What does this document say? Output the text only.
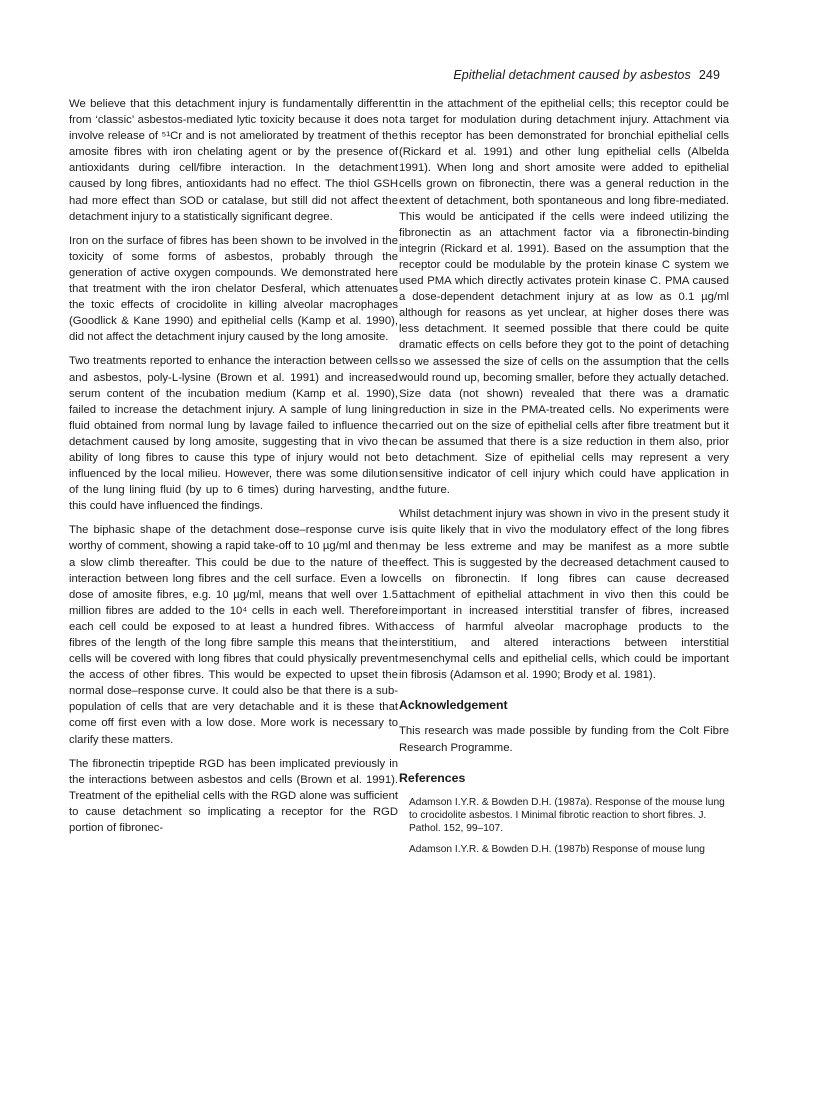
Epithelial detachment caused by asbestos 249

We believe that this detachment injury is fundamentally different from ‘classic’ asbestos-mediated lytic toxicity because it does not involve release of ⁵¹Cr and is not ameliorated by treatment of the amosite fibres with iron chelating agent or by the presence of antioxidants during cell/fibre interaction. In the detachment caused by long fibres, antioxidants had no effect. The thiol GSH had more effect than SOD or catalase, but still did not affect the detachment injury to a statistically significant degree.

Iron on the surface of fibres has been shown to be involved in the toxicity of some forms of asbestos, probably through the generation of active oxygen compounds. We demonstrated here that treatment with the iron chelator Desferal, which attenuates the toxic effects of crocidolite in killing alveolar macrophages (Goodlick & Kane 1990) and epithelial cells (Kamp et al. 1990), did not affect the detachment injury caused by the long amosite.

Two treatments reported to enhance the interaction between cells and asbestos, poly-L-lysine (Brown et al. 1991) and increased serum content of the incubation medium (Kamp et al. 1990), failed to increase the detachment injury. A sample of lung lining fluid obtained from normal lung by lavage failed to influence the detachment caused by long amosite, suggesting that in vivo the ability of long fibres to cause this type of injury would not be influenced by the local milieu. However, there was some dilution of the lung lining fluid (by up to 6 times) during harvesting, and this could have influenced the findings.

The biphasic shape of the detachment dose–response curve is worthy of comment, showing a rapid take-off to 10 µg/ml and then a slow climb thereafter. This could be due to the nature of the interaction between long fibres and the cell surface. Even a low dose of amosite fibres, e.g. 10 µg/ml, means that well over 1.5 million fibres are added to the 10⁴ cells in each well. Therefore each cell could be exposed to at least a hundred fibres. With fibres of the length of the long fibre sample this means that the cells will be covered with long fibres that could physically prevent the access of other fibres. This would be expected to upset the normal dose–response curve. It could also be that there is a sub-population of cells that are very detachable and it is these that come off first even with a low dose. More work is necessary to clarify these matters.

The fibronectin tripeptide RGD has been implicated previously in the interactions between asbestos and cells (Brown et al. 1991). Treatment of the epithelial cells with the RGD alone was sufficient to cause detachment so implicating a receptor for the RGD portion of fibronec-

tin in the attachment of the epithelial cells; this receptor could be a target for modulation during detachment injury. Attachment via this receptor has been demonstrated for bronchial epithelial cells (Rickard et al. 1991) and other lung epithelial cells (Albelda 1991). When long and short amosite were added to epithelial cells grown on fibronectin, there was a general reduction in the extent of detachment, both spontaneous and long fibre-mediated. This would be anticipated if the cells were indeed utilizing the fibronectin as an attachment factor via a fibronectin-binding integrin (Rickard et al. 1991). Based on the assumption that the receptor could be modulable by the protein kinase C system we used PMA which directly activates protein kinase C. PMA caused a dose-dependent detachment injury at as low as 0.1 µg/ml although for reasons as yet unclear, at higher doses there was less detachment. It seemed possible that there could be quite dramatic effects on cells before they got to the point of detaching so we assessed the size of cells on the assumption that the cells would round up, becoming smaller, before they actually detached. Size data (not shown) revealed that there was a dramatic reduction in size in the PMA-treated cells. No experiments were carried out on the size of epithelial cells after fibre treatment but it can be assumed that there is a size reduction in them also, prior to detachment. Size of epithelial cells may represent a very sensitive indicator of cell injury which could have application in the future.

Whilst detachment injury was shown in vivo in the present study it is quite likely that in vivo the modulatory effect of the long fibres may be less extreme and may be manifest as a more subtle effect. This is suggested by the decreased detachment caused to cells on fibronectin. If long fibres can cause decreased attachment of epithelial attachment in vivo then this could be important in increased interstitial transfer of fibres, increased access of harmful alveolar macrophage products to the interstitium, and altered interactions between interstitial mesenchymal cells and epithelial cells, which could be important in fibrosis (Adamson et al. 1990; Brody et al. 1981).

Acknowledgement

This research was made possible by funding from the Colt Fibre Research Programme.

References

Adamson I.Y.R. & Bowden D.H. (1987a). Response of the mouse lung to crocidolite asbestos. I Minimal fibrotic reaction to short fibres. J. Pathol. 152, 99–107.

Adamson I.Y.R. & Bowden D.H. (1987b) Response of mouse lung
